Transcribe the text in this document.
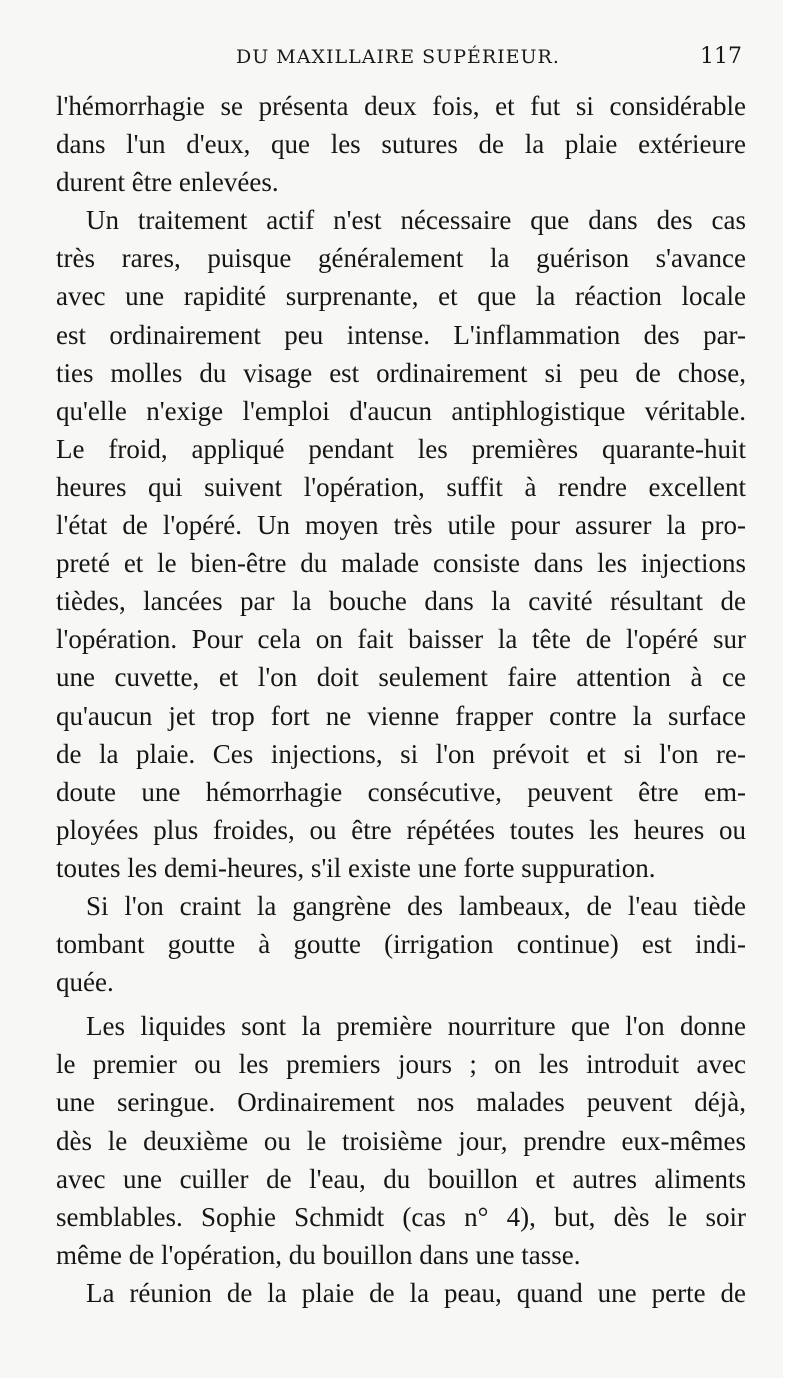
DU MAXILLAIRE SUPÉRIEUR.	117
l'hémorrhagie se présenta deux fois, et fut si considérable
dans l'un d'eux, que les sutures de la plaie extérieure
durent être enlevées.
Un traitement actif n'est nécessaire que dans des cas
très rares, puisque généralement la guérison s'avance
avec une rapidité surprenante, et que la réaction locale
est ordinairement peu intense. L'inflammation des par-
ties molles du visage est ordinairement si peu de chose,
qu'elle n'exige l'emploi d'aucun antiphlogistique véritable.
Le froid, appliqué pendant les premières quarante-huit
heures qui suivent l'opération, suffit à rendre excellent
l'état de l'opéré. Un moyen très utile pour assurer la pro-
preté et le bien-être du malade consiste dans les injections
tièdes, lancées par la bouche dans la cavité résultant de
l'opération. Pour cela on fait baisser la tête de l'opéré sur
une cuvette, et l'on doit seulement faire attention à ce
qu'aucun jet trop fort ne vienne frapper contre la surface
de la plaie. Ces injections, si l'on prévoit et si l'on re-
doute une hémorrhagie consécutive, peuvent être em-
ployées plus froides, ou être répétées toutes les heures ou
toutes les demi-heures, s'il existe une forte suppuration.
Si l'on craint la gangrène des lambeaux, de l'eau tiède
tombant goutte à goutte (irrigation continue) est indi-
quée.
Les liquides sont la première nourriture que l'on donne
le premier ou les premiers jours ; on les introduit avec
une seringue. Ordinairement nos malades peuvent déjà,
dès le deuxième ou le troisième jour, prendre eux-mêmes
avec une cuiller de l'eau, du bouillon et autres aliments
semblables. Sophie Schmidt (cas n° 4), but, dès le soir
même de l'opération, du bouillon dans une tasse.
La réunion de la plaie de la peau, quand une perte de
